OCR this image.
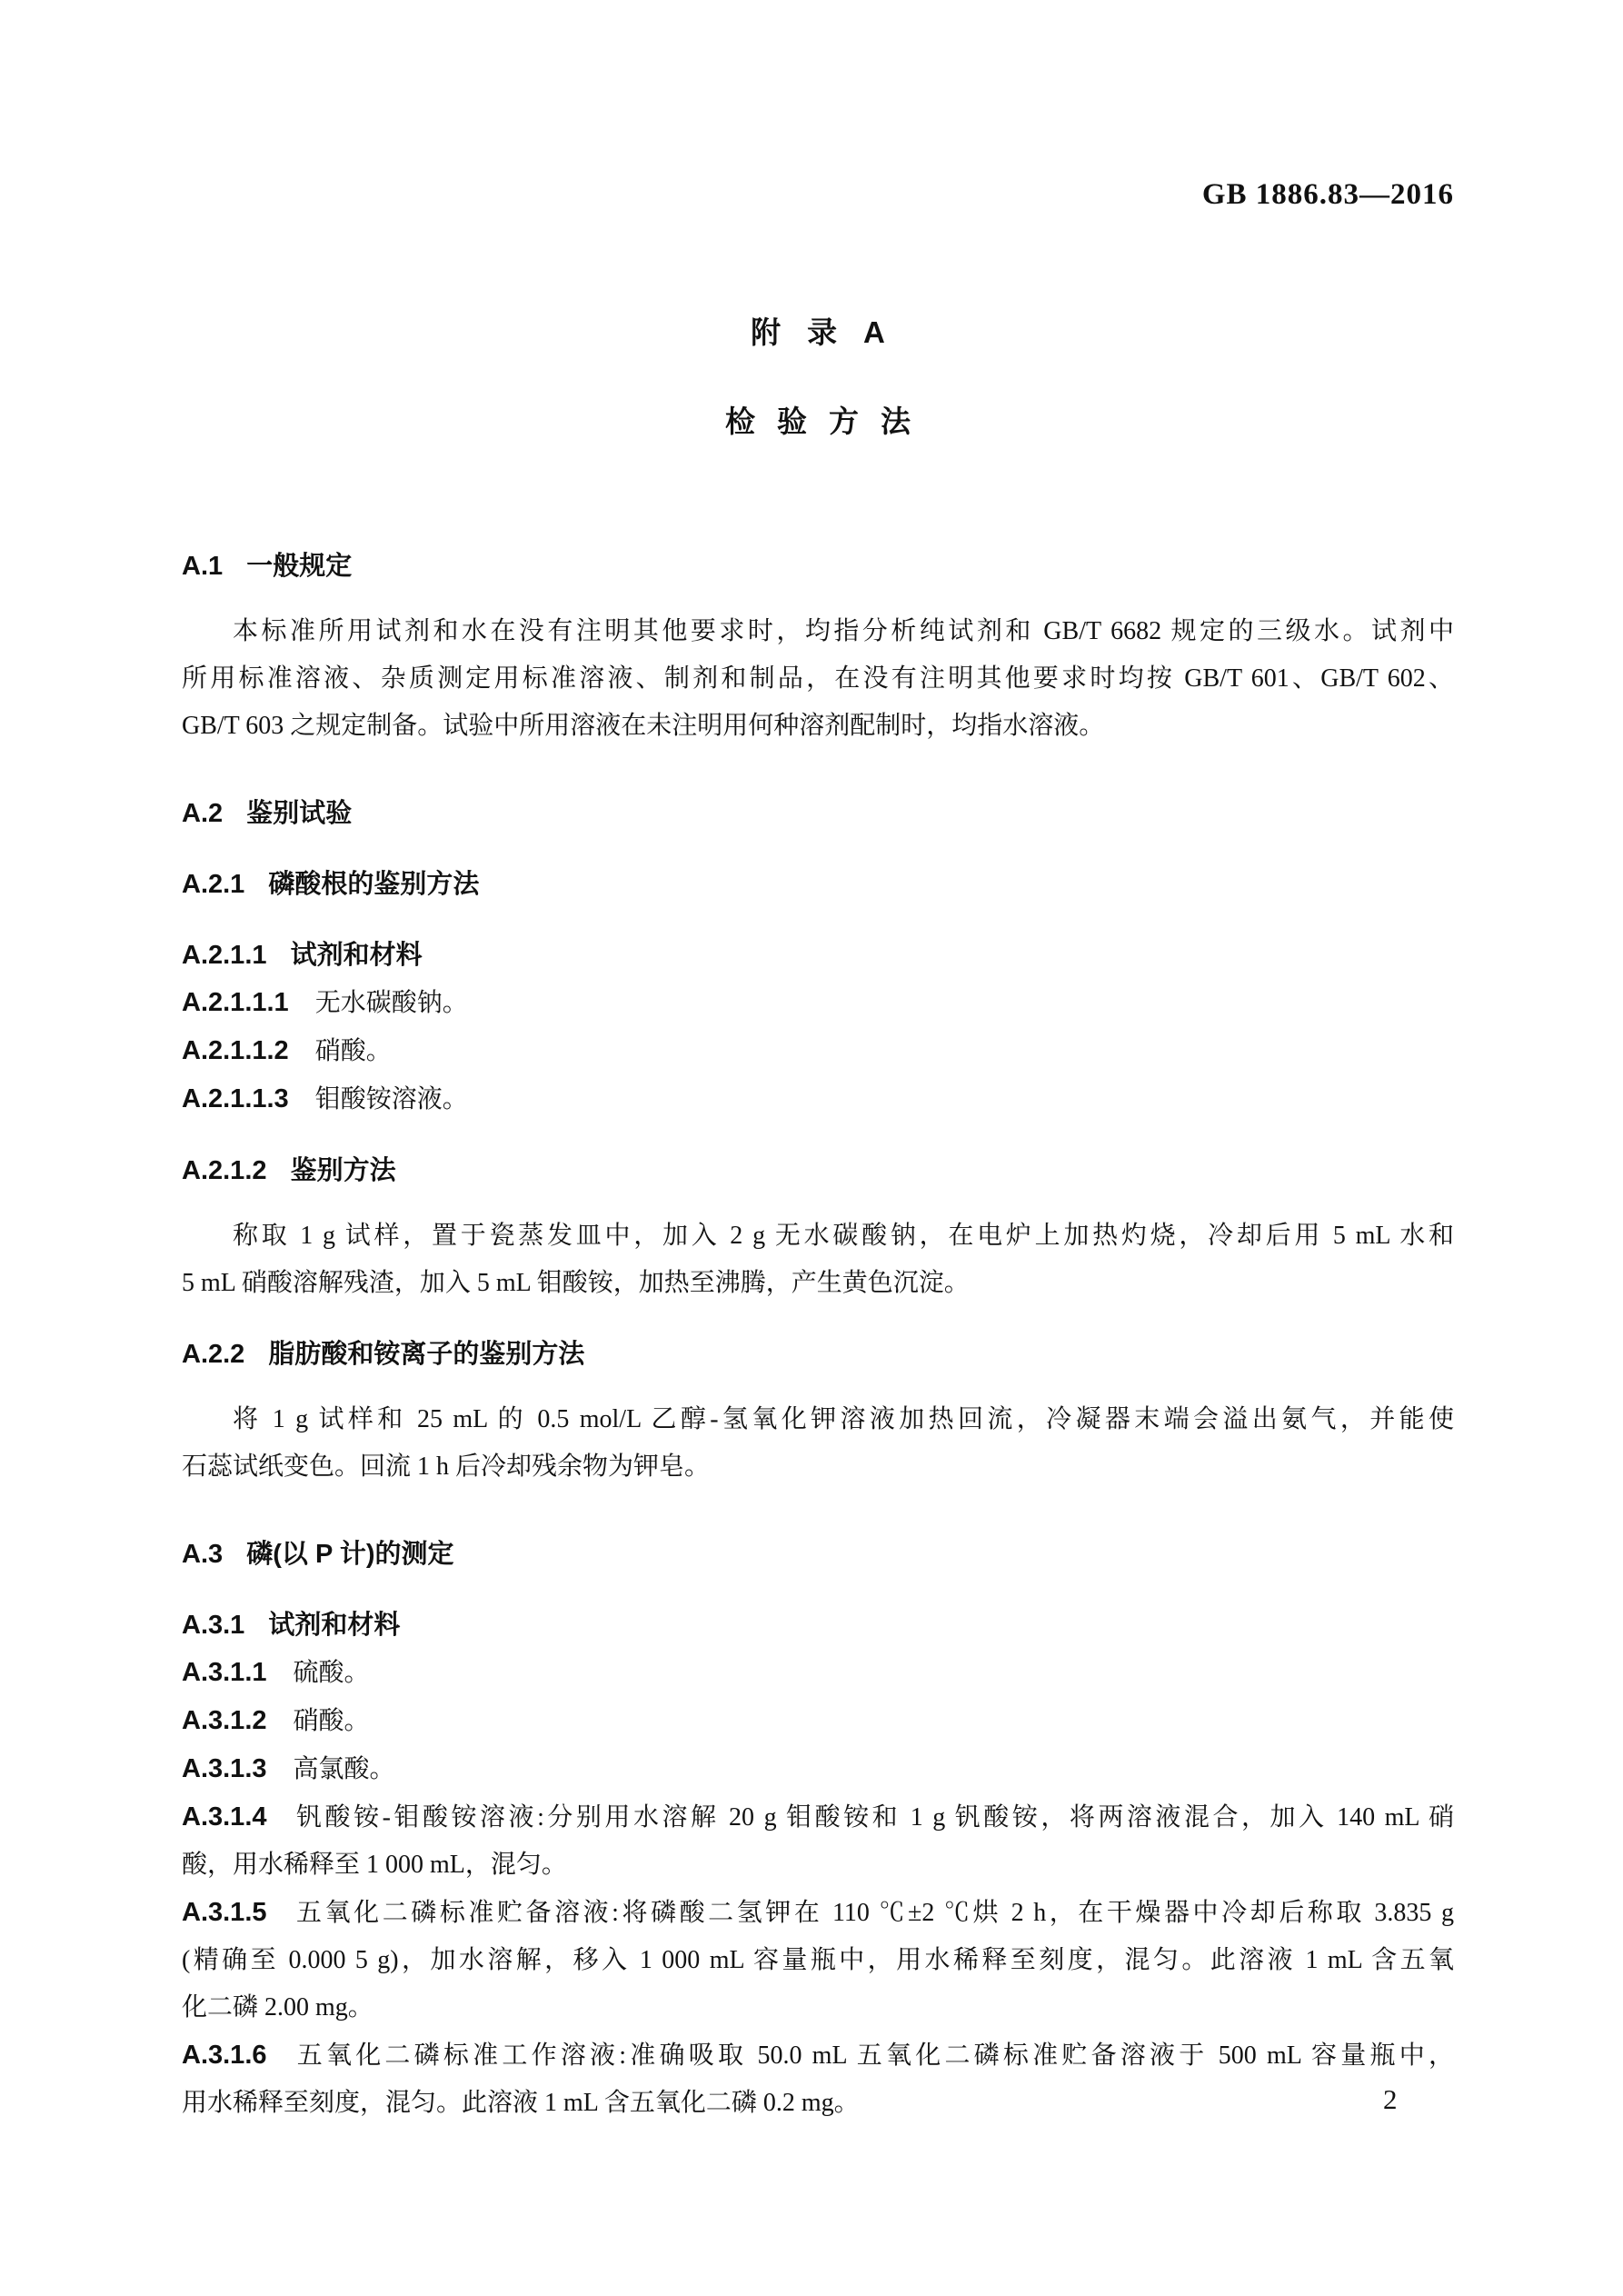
GB 1886.83—2016
附 录 A
检 验 方 法
A.1 一般规定
本标准所用试剂和水在没有注明其他要求时，均指分析纯试剂和 GB/T 6682 规定的三级水。试剂中
所用标准溶液、杂质测定用标准溶液、制剂和制品，在没有注明其他要求时均按 GB/T 601、GB/T 602、
GB/T 603 之规定制备。试验中所用溶液在未注明用何种溶剂配制时，均指水溶液。
A.2 鉴别试验
A.2.1 磷酸根的鉴别方法
A.2.1.1 试剂和材料
A.2.1.1.1 无水碳酸钠。
A.2.1.1.2 硝酸。
A.2.1.1.3 钼酸铵溶液。
A.2.1.2 鉴别方法
称取 1 g 试样，置于瓷蒸发皿中，加入 2 g 无水碳酸钠，在电炉上加热灼烧，冷却后用 5 mL 水和
5 mL 硝酸溶解残渣，加入 5 mL 钼酸铵，加热至沸腾，产生黄色沉淀。
A.2.2 脂肪酸和铵离子的鉴别方法
将 1 g 试样和 25 mL 的 0.5 mol/L 乙醇-氢氧化钾溶液加热回流，冷凝器末端会溢出氨气，并能使
石蕊试纸变色。回流 1 h 后冷却残余物为钾皂。
A.3 磷(以 P 计)的测定
A.3.1 试剂和材料
A.3.1.1 硫酸。
A.3.1.2 硝酸。
A.3.1.3 高氯酸。
A.3.1.4 钒酸铵-钼酸铵溶液:分别用水溶解 20 g 钼酸铵和 1 g 钒酸铵，将两溶液混合，加入 140 mL 硝
酸，用水稀释至 1 000 mL，混匀。
A.3.1.5 五氧化二磷标准贮备溶液:将磷酸二氢钾在 110 ℃±2 ℃烘 2 h，在干燥器中冷却后称取 3.835 g
(精确至 0.000 5 g)，加水溶解，移入 1 000 mL 容量瓶中，用水稀释至刻度，混匀。此溶液 1 mL 含五氧
化二磷 2.00 mg。
A.3.1.6 五氧化二磷标准工作溶液:准确吸取 50.0 mL 五氧化二磷标准贮备溶液于 500 mL 容量瓶中，
用水稀释至刻度，混匀。此溶液 1 mL 含五氧化二磷 0.2 mg。	2
